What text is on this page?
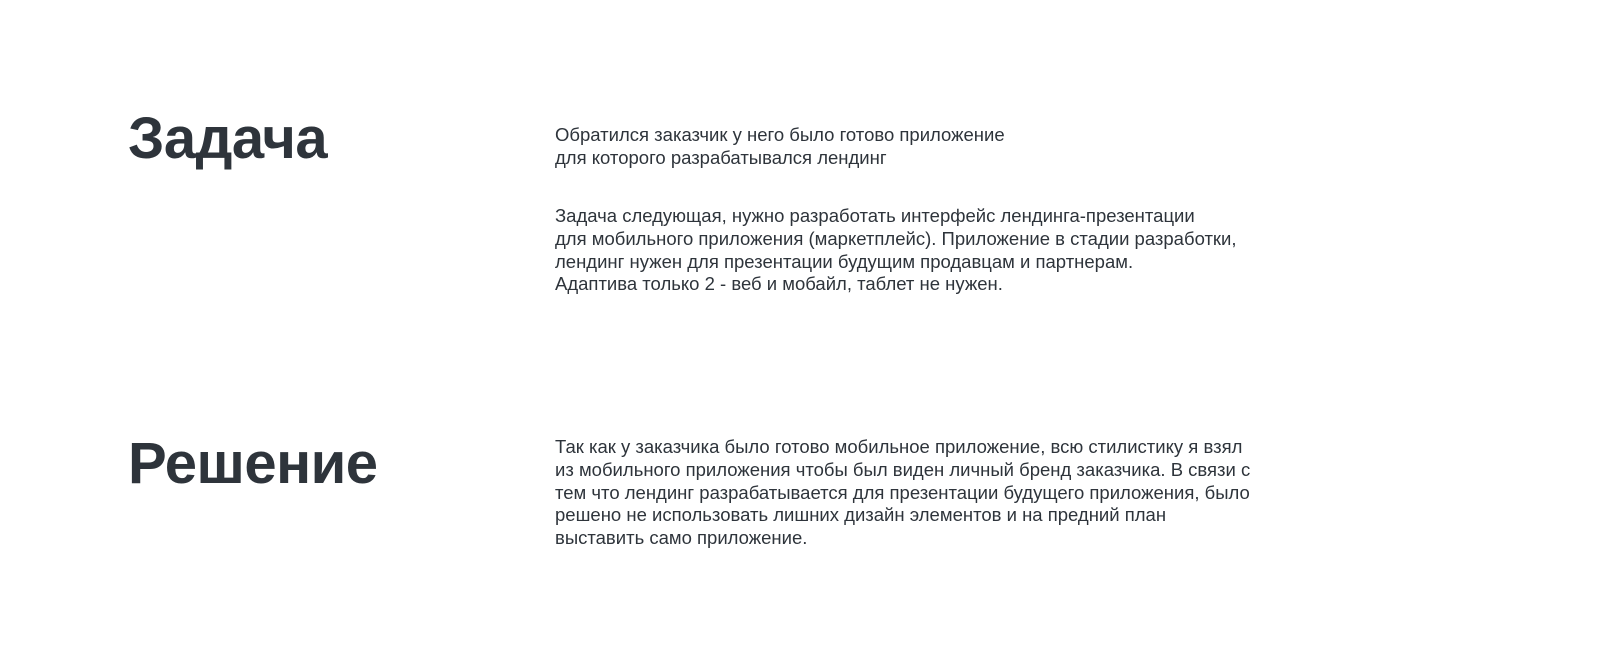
Задача	Обратился заказчик у него было готово приложение
для которого разрабатывался лендинг

Задача следующая, нужно разработать интерфейс лендинга-презентации
для мобильного приложения (маркетплейс). Приложение в стадии разработки,
лендинг нужен для презентации будущим продавцам и партнерам.
Адаптива только 2 - веб и мобайл, таблет не нужен.

Решение	Так как у заказчика было готово мобильное приложение, всю стилистику я взял
из мобильного приложения чтобы был виден личный бренд заказчика. В связи с
тем что лендинг разрабатывается для презентации будущего приложения, было
решено не использовать лишних дизайн элементов и на предний план
выставить само приложение.
